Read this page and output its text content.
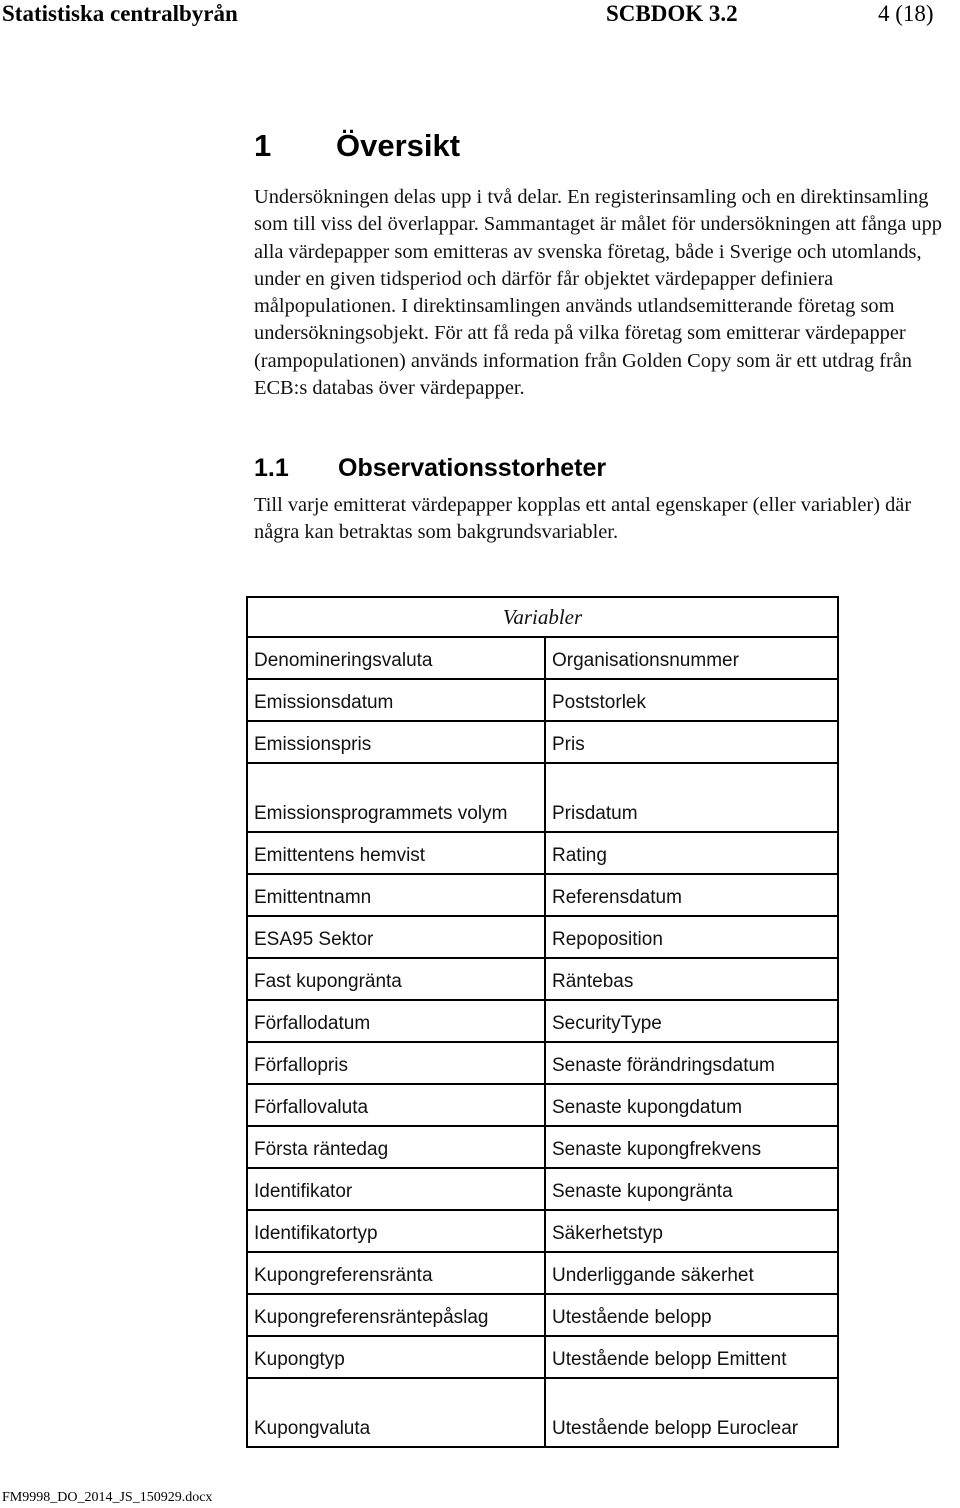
Statistiska centralbyrån	SCBDOK 3.2	4 (18)
1 Översikt
Undersökningen delas upp i två delar. En registerinsamling och en direktinsamling som till viss del överlappar. Sammantaget är målet för undersökningen att fånga upp alla värdepapper som emitteras av svenska företag, både i Sverige och utomlands, under en given tidsperiod och därför får objektet värdepapper definiera målpopulationen. I direktinsamlingen används utlandsemitterande företag som undersökningsobjekt. För att få reda på vilka företag som emitterar värdepapper (rampopulationen) används information från Golden Copy som är ett utdrag från ECB:s databas över värdepapper.
1.1 Observationsstorheter
Till varje emitterat värdepapper kopplas ett antal egenskaper (eller variabler) där några kan betraktas som bakgrundsvariabler.
Variabler	
Denomineringsvaluta	Organisationsnummer
Emissionsdatum	Poststorlek
Emissionspris	Pris
Emissionsprogrammets volym	Prisdatum
Emittentens hemvist	Rating
Emittentnamn	Referensdatum
ESA95 Sektor	Repoposition
Fast kupongränta	Räntebas
Förfallodatum	SecurityType
Förfallopris	Senaste förändringsdatum
Förfallovaluta	Senaste kupongdatum
Första räntedag	Senaste kupongfrekvens
Identifikator	Senaste kupongränta
Identifikatortyp	Säkerhetstyp
Kupongreferensränta	Underliggande säkerhet
Kupongreferensräntepåslag	Utestående belopp
Kupongtyp	Utestående belopp Emittent
Kupongvaluta	Utestående belopp Euroclear
FM9998_DO_2014_JS_150929.docx
